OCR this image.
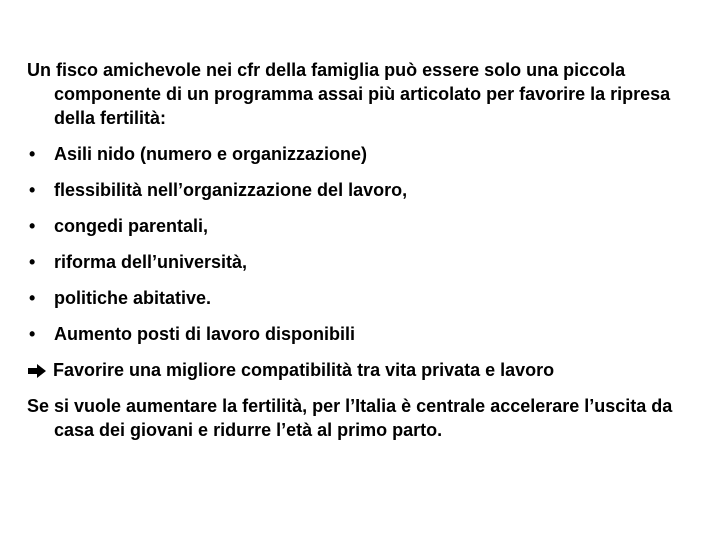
Un fisco amichevole nei cfr della famiglia può essere solo una piccola componente di un programma assai più articolato per favorire la ripresa della fertilità:
• Asili nido (numero e organizzazione)
• flessibilità nell’organizzazione del lavoro,
• congedi parentali,
• riforma dell’università,
• politiche abitative.
• Aumento posti di lavoro disponibili
Favorire una migliore compatibilità tra vita privata e lavoro
Se si vuole aumentare la fertilità, per l’Italia è centrale accelerare l’uscita da casa dei giovani e ridurre l’età al primo parto.
